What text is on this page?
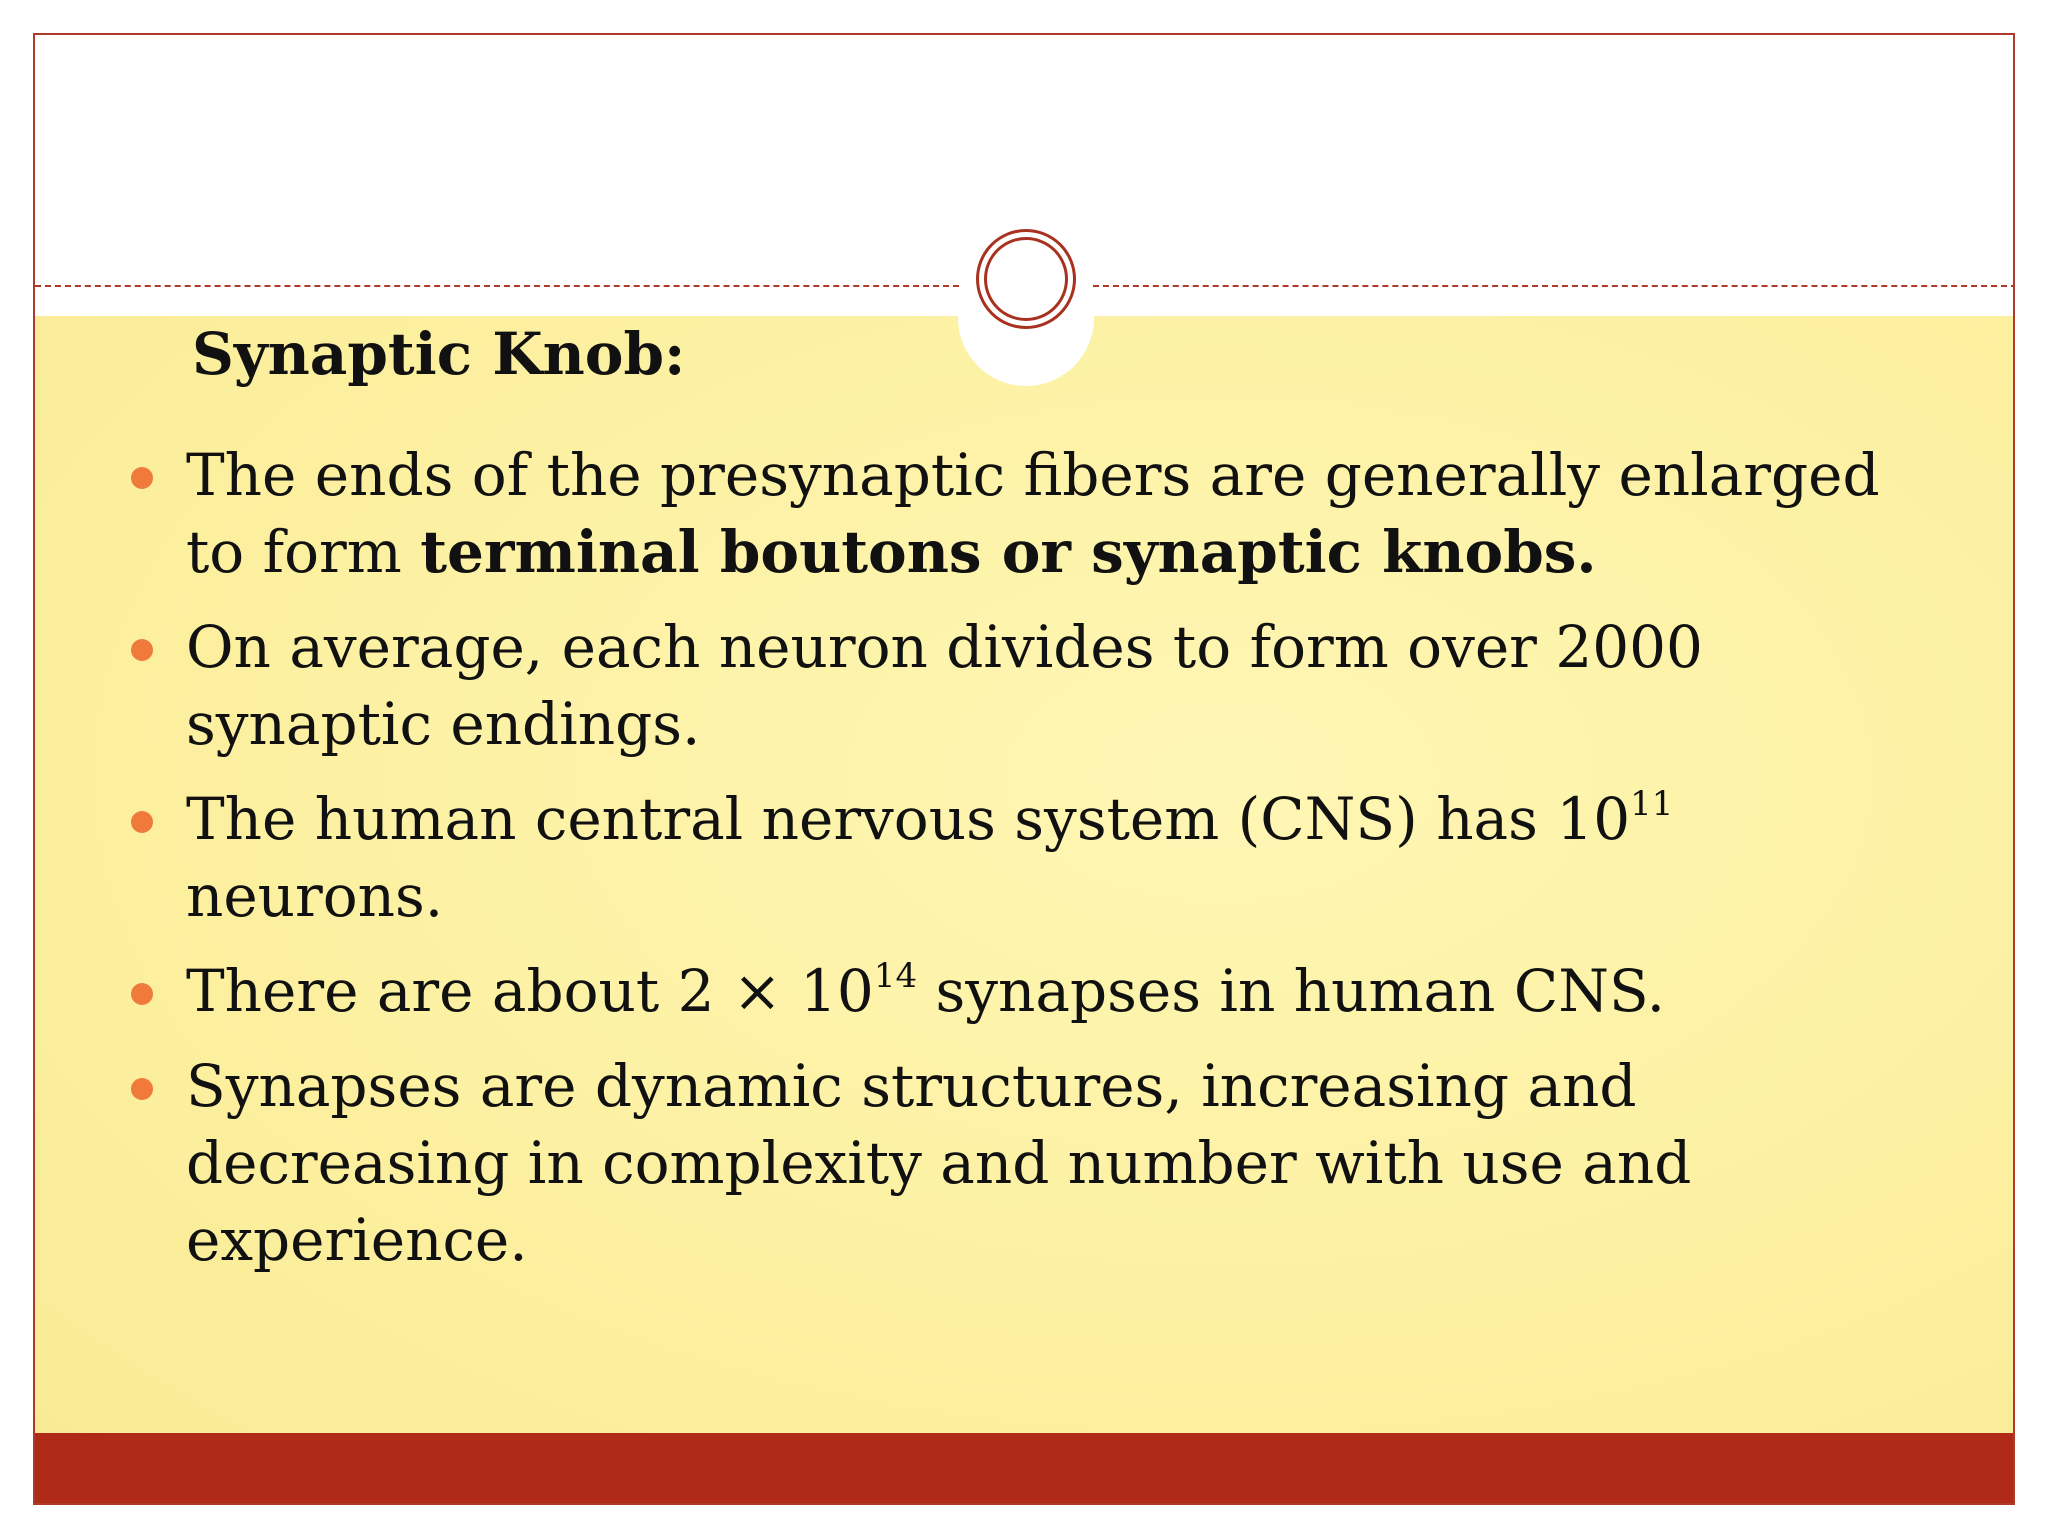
Synaptic Knob:
The ends of the presynaptic fibers are generally enlarged to form terminal boutons or synaptic knobs.
On average, each neuron divides to form over 2000 synaptic endings.
The human central nervous system (CNS) has $10^{11}$ neurons.
There are about $2 \times 10^{14}$ synapses in human CNS.
Synapses are dynamic structures, increasing and decreasing in complexity and number with use and experience.
